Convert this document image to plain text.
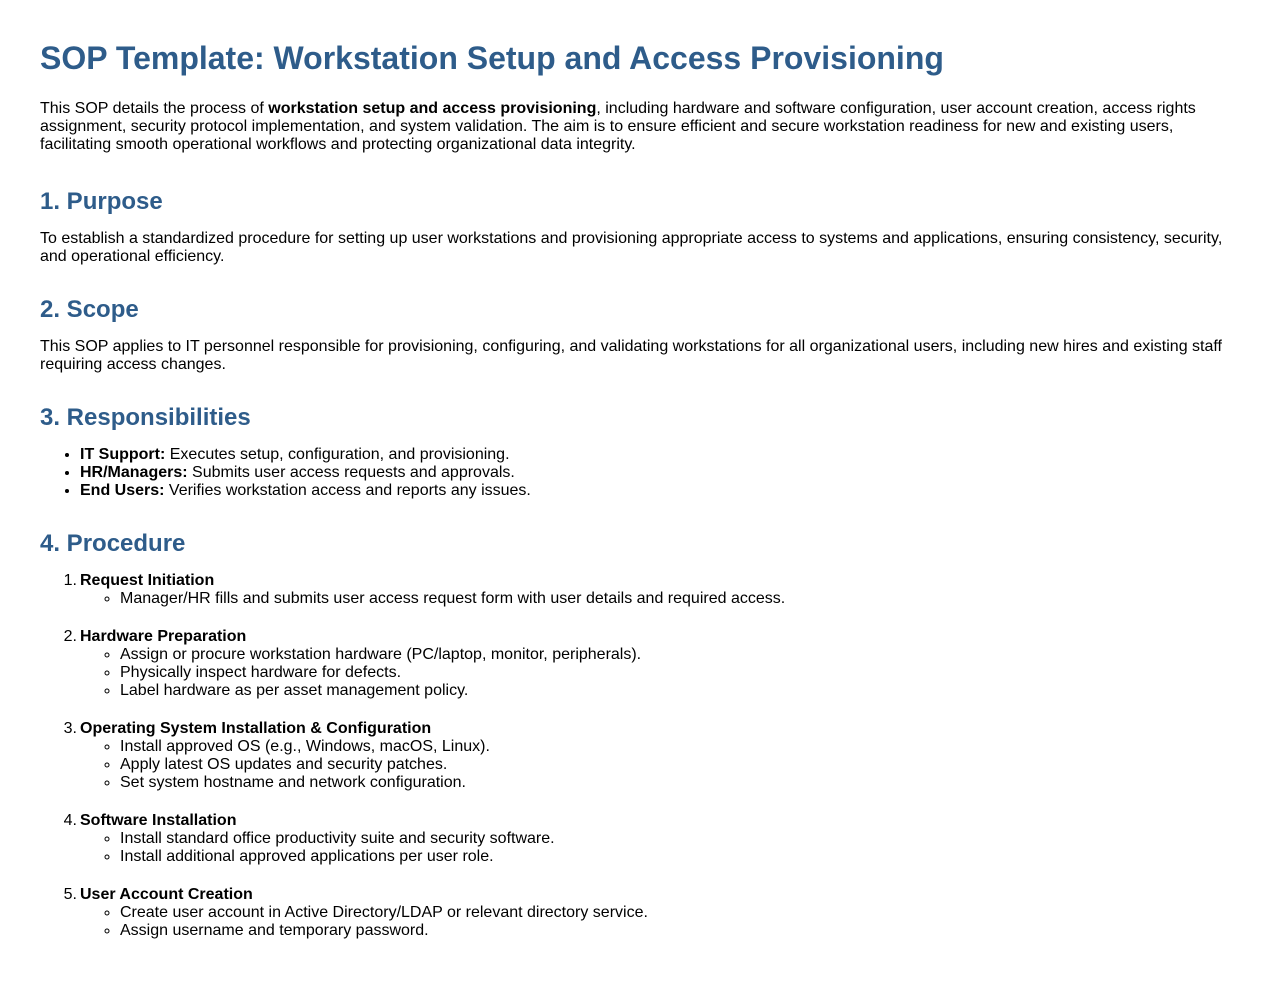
SOP Template: Workstation Setup and Access Provisioning

This SOP details the process of workstation setup and access provisioning, including hardware and software configuration, user account creation, access rights assignment, security protocol implementation, and system validation. The aim is to ensure efficient and secure workstation readiness for new and existing users, facilitating smooth operational workflows and protecting organizational data integrity.

1. Purpose

To establish a standardized procedure for setting up user workstations and provisioning appropriate access to systems and applications, ensuring consistency, security, and operational efficiency.

2. Scope

This SOP applies to IT personnel responsible for provisioning, configuring, and validating workstations for all organizational users, including new hires and existing staff requiring access changes.

3. Responsibilities
• IT Support: Executes setup, configuration, and provisioning.
• HR/Managers: Submits user access requests and approvals.
• End Users: Verifies workstation access and reports any issues.
4. Procedure
1. Request Initiation
◦ Manager/HR fills and submits user access request form with user details and required access.
2. Hardware Preparation
◦ Assign or procure workstation hardware (PC/laptop, monitor, peripherals).
◦ Physically inspect hardware for defects.
◦ Label hardware as per asset management policy.
3. Operating System Installation & Configuration
◦ Install approved OS (e.g., Windows, macOS, Linux).
◦ Apply latest OS updates and security patches.
◦ Set system hostname and network configuration.
4. Software Installation
◦ Install standard office productivity suite and security software.
◦ Install additional approved applications per user role.
5. User Account Creation
◦ Create user account in Active Directory/LDAP or relevant directory service.
◦ Assign username and temporary password.
